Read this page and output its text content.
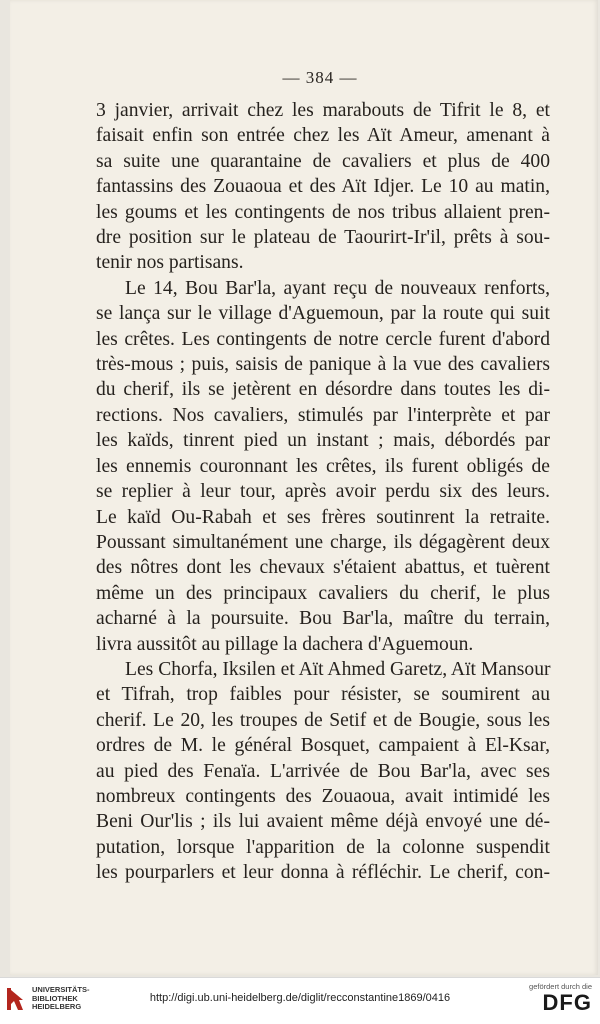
— 384 —
3 janvier, arrivait chez les marabouts de Tifrit le 8, et
faisait enfin son entrée chez les Aït Ameur, amenant à
sa suite une quarantaine de cavaliers et plus de 400
fantassins des Zouaoua et des Aït Idjer. Le 10 au matin,
les goums et les contingents de nos tribus allaient pren-
dre position sur le plateau de Taourirt-Ir'il, prêts à sou-
tenir nos partisans.
Le 14, Bou Bar'la, ayant reçu de nouveaux renforts,
se lança sur le village d'Aguemoun, par la route qui suit
les crêtes. Les contingents de notre cercle furent d'abord
très-mous ; puis, saisis de panique à la vue des cavaliers
du cherif, ils se jetèrent en désordre dans toutes les di-
rections. Nos cavaliers, stimulés par l'interprète et par
les kaïds, tinrent pied un instant ; mais, débordés par
les ennemis couronnant les crêtes, ils furent obligés de
se replier à leur tour, après avoir perdu six des leurs.
Le kaïd Ou-Rabah et ses frères soutinrent la retraite.
Poussant simultanément une charge, ils dégagèrent deux
des nôtres dont les chevaux s'étaient abattus, et tuèrent
même un des principaux cavaliers du cherif, le plus
acharné à la poursuite. Bou Bar'la, maître du terrain,
livra aussitôt au pillage la dachera d'Aguemoun.
Les Chorfa, Iksilen et Aït Ahmed Garetz, Aït Mansour
et Tifrah, trop faibles pour résister, se soumirent au
cherif. Le 20, les troupes de Setif et de Bougie, sous les
ordres de M. le général Bosquet, campaient à El-Ksar,
au pied des Fenaïa. L'arrivée de Bou Bar'la, avec ses
nombreux contingents des Zouaoua, avait intimidé les
Beni Our'lis ; ils lui avaient même déjà envoyé une dé-
putation, lorsque l'apparition de la colonne suspendit
les pourparlers et leur donna à réfléchir. Le cherif, con-
UNIVERSITÄTS-
BIBLIOTHEK
HEIDELBERG
http://digi.ub.uni-heidelberg.de/diglit/recconstantine1869/0416
gefördert durch die
DFG
